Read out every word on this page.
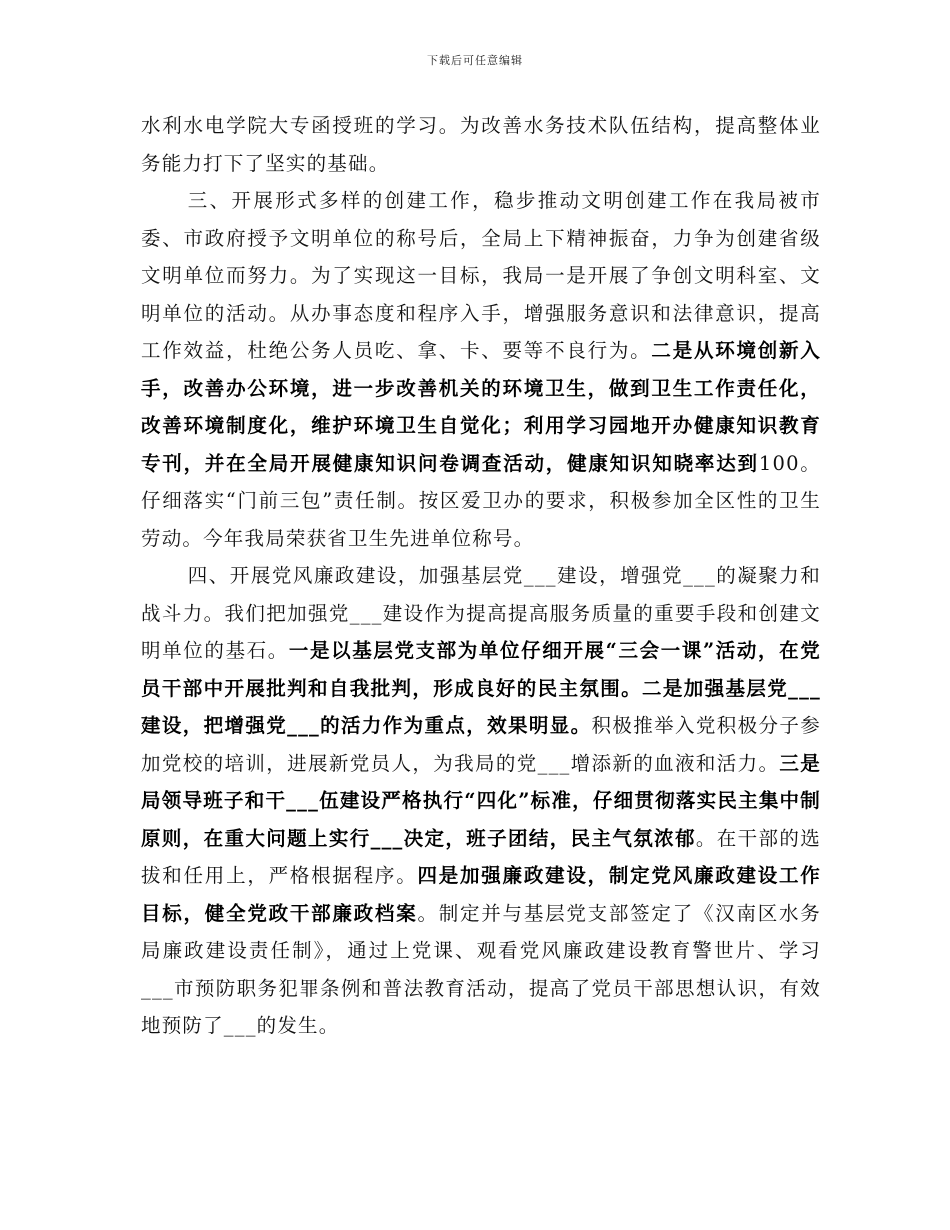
下载后可任意编辑

水利水电学院大专函授班的学习。为改善水务技术队伍结构，提高整体业务能力打下了坚实的基础。

三、开展形式多样的创建工作，稳步推动文明创建工作在我局被市委、市政府授予文明单位的称号后，全局上下精神振奋，力争为创建省级文明单位而努力。为了实现这一目标，我局一是开展了争创文明科室、文明单位的活动。从办事态度和程序入手，增强服务意识和法律意识，提高工作效益，杜绝公务人员吃、拿、卡、要等不良行为。二是从环境创新入手，改善办公环境，进一步改善机关的环境卫生，做到卫生工作责任化，改善环境制度化，维护环境卫生自觉化；利用学习园地开办健康知识教育专刊，并在全局开展健康知识问卷调查活动，健康知识知晓率达到100。仔细落实“门前三包”责任制。按区爱卫办的要求，积极参加全区性的卫生劳动。今年我局荣获省卫生先进单位称号。

四、开展党风廉政建设，加强基层党___建设，增强党___的凝聚力和战斗力。我们把加强党___建设作为提高提高服务质量的重要手段和创建文明单位的基石。一是以基层党支部为单位仔细开展“三会一课”活动，在党员干部中开展批判和自我批判，形成良好的民主氛围。二是加强基层党___建设，把增强党___的活力作为重点，效果明显。积极推举入党积极分子参加党校的培训，进展新党员人，为我局的党___增添新的血液和活力。三是局领导班子和干___伍建设严格执行“四化”标准，仔细贯彻落实民主集中制原则，在重大问题上实行___决定，班子团结，民主气氛浓郁。在干部的选拔和任用上，严格根据程序。四是加强廉政建设，制定党风廉政建设工作目标，健全党政干部廉政档案。制定并与基层党支部签定了《汉南区水务局廉政建设责任制》，通过上党课、观看党风廉政建设教育警世片、学习___市预防职务犯罪条例和普法教育活动，提高了党员干部思想认识，有效地预防了___的发生。
